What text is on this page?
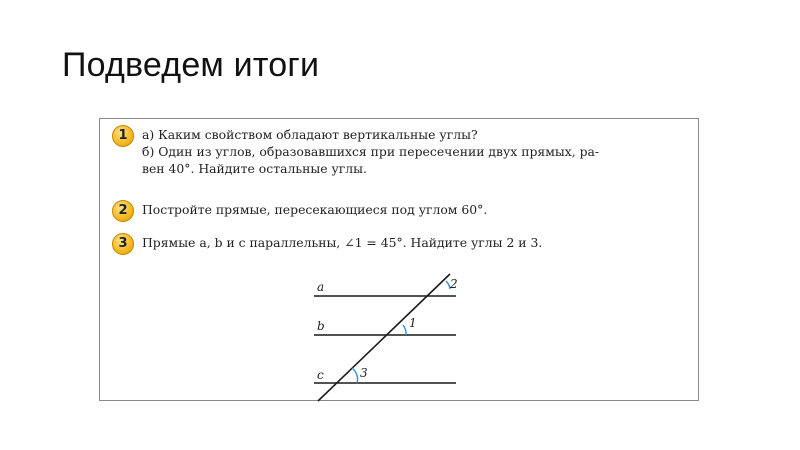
Подведем итоги
1	а) Каким свойством обладают вертикальные углы?
б) Один из углов, образовавшихся при пересечении двух прямых, ра-
вен 40°. Найдите остальные углы.
2	Постройте прямые, пересекающиеся под углом 60°.
3	Прямые a, b и c параллельны, ∠1 = 45°. Найдите углы 2 и 3.
a
b
c
2
1
3
